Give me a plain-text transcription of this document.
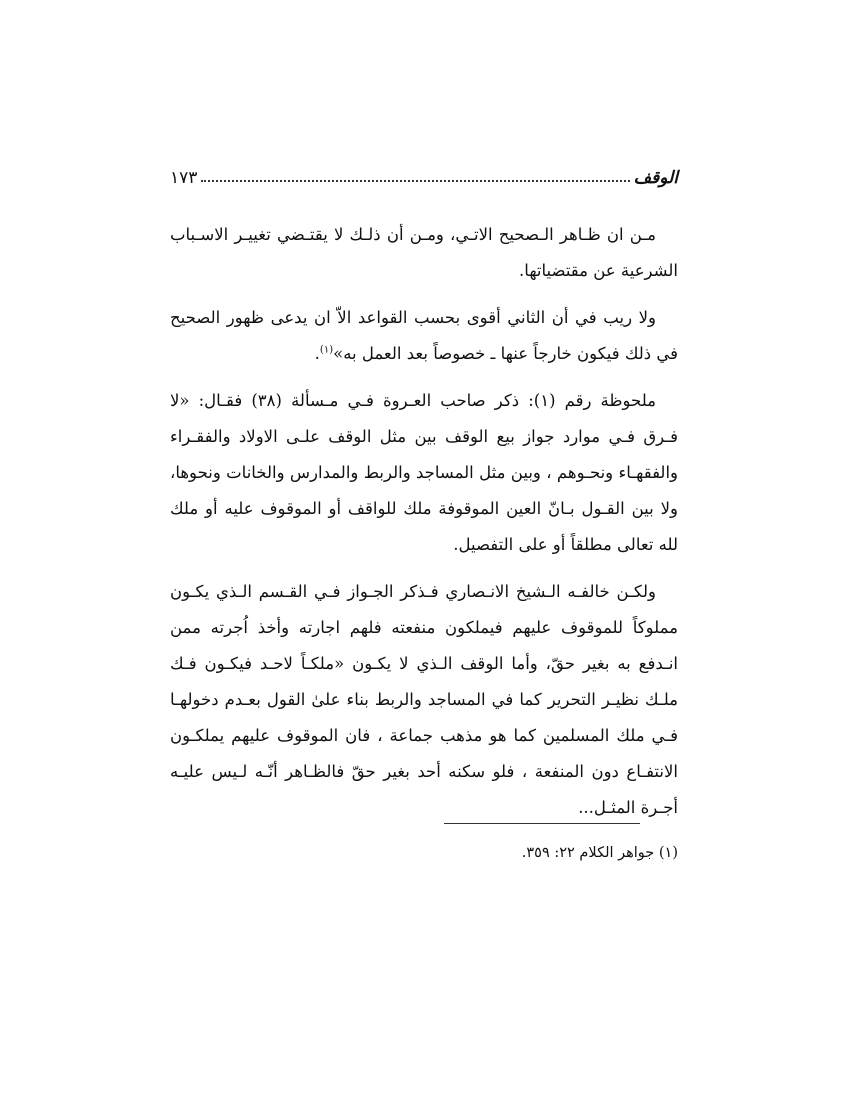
الوقف
١٧٣

مـن ان ظـاهر الـصحيح الاتـي، ومـن أن ذلـك لا يقتـضي تغييـر الاسـباب الشرعية عن مقتضياتها.

ولا ريب في أن الثاني أقوى بحسب القواعد الاّ ان يدعى ظهور الصحيح في ذلك فيكون خارجاً عنها ـ خصوصاً بعد العمل به»$^{(١)}$.

ملحوظة رقم (١): ذكر صاحب العـروة فـي مـسألة (٣٨) فقـال: «لا فـرق فـي موارد جواز بيع الوقف بين مثل الوقف علـى الاولاد والفقـراء والفقهـاء ونحـوهم ، وبين مثل المساجد والربط والمدارس والخانات ونحوها، ولا بين القـول بـانّ العين الموقوفة ملك للواقف أو الموقوف عليه أو ملك لله تعالى مطلقاً أو على التفصيل.

ولكـن خالفـه الـشيخ الانـصاري فـذكر الجـواز فـي القـسم الـذي يكـون مملوكاً للموقوف عليهم فيملكون منفعته فلهم اجارته وأخذ اُجرته ممن انـدفع به بغير حقّ، وأما الوقف الـذي لا يكـون «ملكـاً لاحـد فيكـون فـك ملـك نظيـر التحرير كما في المساجد والربط بناء علىٰ القول بعـدم دخولهـا فـي ملك المسلمين كما هو مذهب جماعة ، فان الموقوف عليهم يملكـون الانتفـاع دون المنفعة ، فلو سكنه أحد بغير حقّ فالظـاهر أنّـه لـيس عليـه أجـرة المثـل...

(١) جواهر الكلام ٢٢: ٣٥٩.
